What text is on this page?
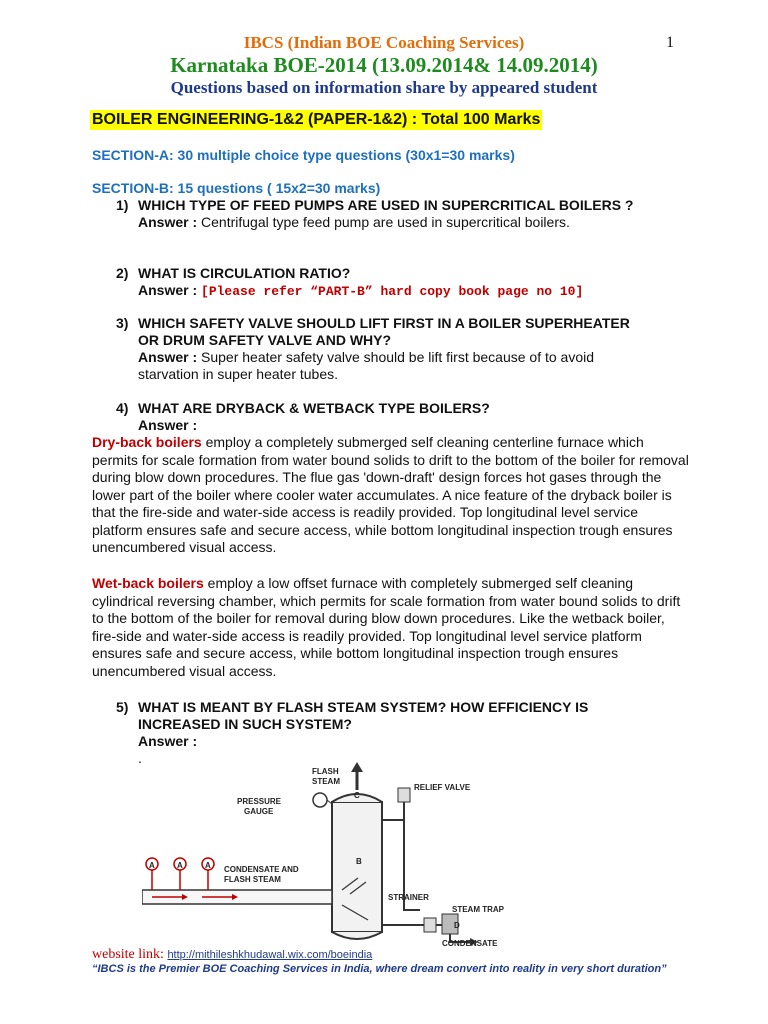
1
IBCS (Indian BOE Coaching Services)
Karnataka BOE-2014 (13.09.2014& 14.09.2014)
Questions based on information share by appeared student
BOILER ENGINEERING-1&2 (PAPER-1&2) : Total 100 Marks
SECTION-A: 30 multiple choice type questions (30x1=30 marks)
SECTION-B: 15 questions ( 15x2=30 marks)
1) WHICH TYPE OF FEED PUMPS ARE USED IN SUPERCRITICAL BOILERS ?
Answer : Centrifugal type feed pump are used in supercritical boilers.
2) WHAT IS CIRCULATION RATIO?
Answer : [Please refer “PART-B” hard copy book page no 10]
3) WHICH SAFETY VALVE SHOULD LIFT FIRST IN A BOILER SUPERHEATER OR DRUM SAFETY VALVE AND WHY?
Answer : Super heater safety valve should be lift first because of to avoid starvation in super heater tubes.
4) WHAT ARE DRYBACK & WETBACK TYPE BOILERS?
Answer :
Dry-back boilers employ a completely submerged self cleaning centerline furnace which permits for scale formation from water bound solids to drift to the bottom of the boiler for removal during blow down procedures. The flue gas 'down-draft' design forces hot gases through the lower part of the boiler where cooler water accumulates. A nice feature of the dryback boiler is that the fire-side and water-side access is readily provided. Top longitudinal level service platform ensures safe and secure access, while bottom longitudinal inspection trough ensures unencumbered visual access.
Wet-back boilers employ a low offset furnace with completely submerged self cleaning cylindrical reversing chamber, which permits for scale formation from water bound solids to drift to the bottom of the boiler for removal during blow down procedures. Like the wetback boiler, fire-side and water-side access is readily provided. Top longitudinal level service platform ensures safe and secure access, while bottom longitudinal inspection trough ensures unencumbered visual access.
5) WHAT IS MEANT BY FLASH STEAM SYSTEM? HOW EFFICIENCY IS INCREASED IN SUCH SYSTEM?
Answer :
.
A	A	A
FLASH
STEAM
C
RELIEF VALVE
PRESSURE
GAUGE
CONDENSATE AND
FLASH STEAM
B
STRAINER
STEAM TRAP
D
CONDENSATE
website link: http://mithileshkhudawal.wix.com/boeindia
“IBCS is the Premier BOE Coaching Services in India, where dream convert into reality in very short duration”
